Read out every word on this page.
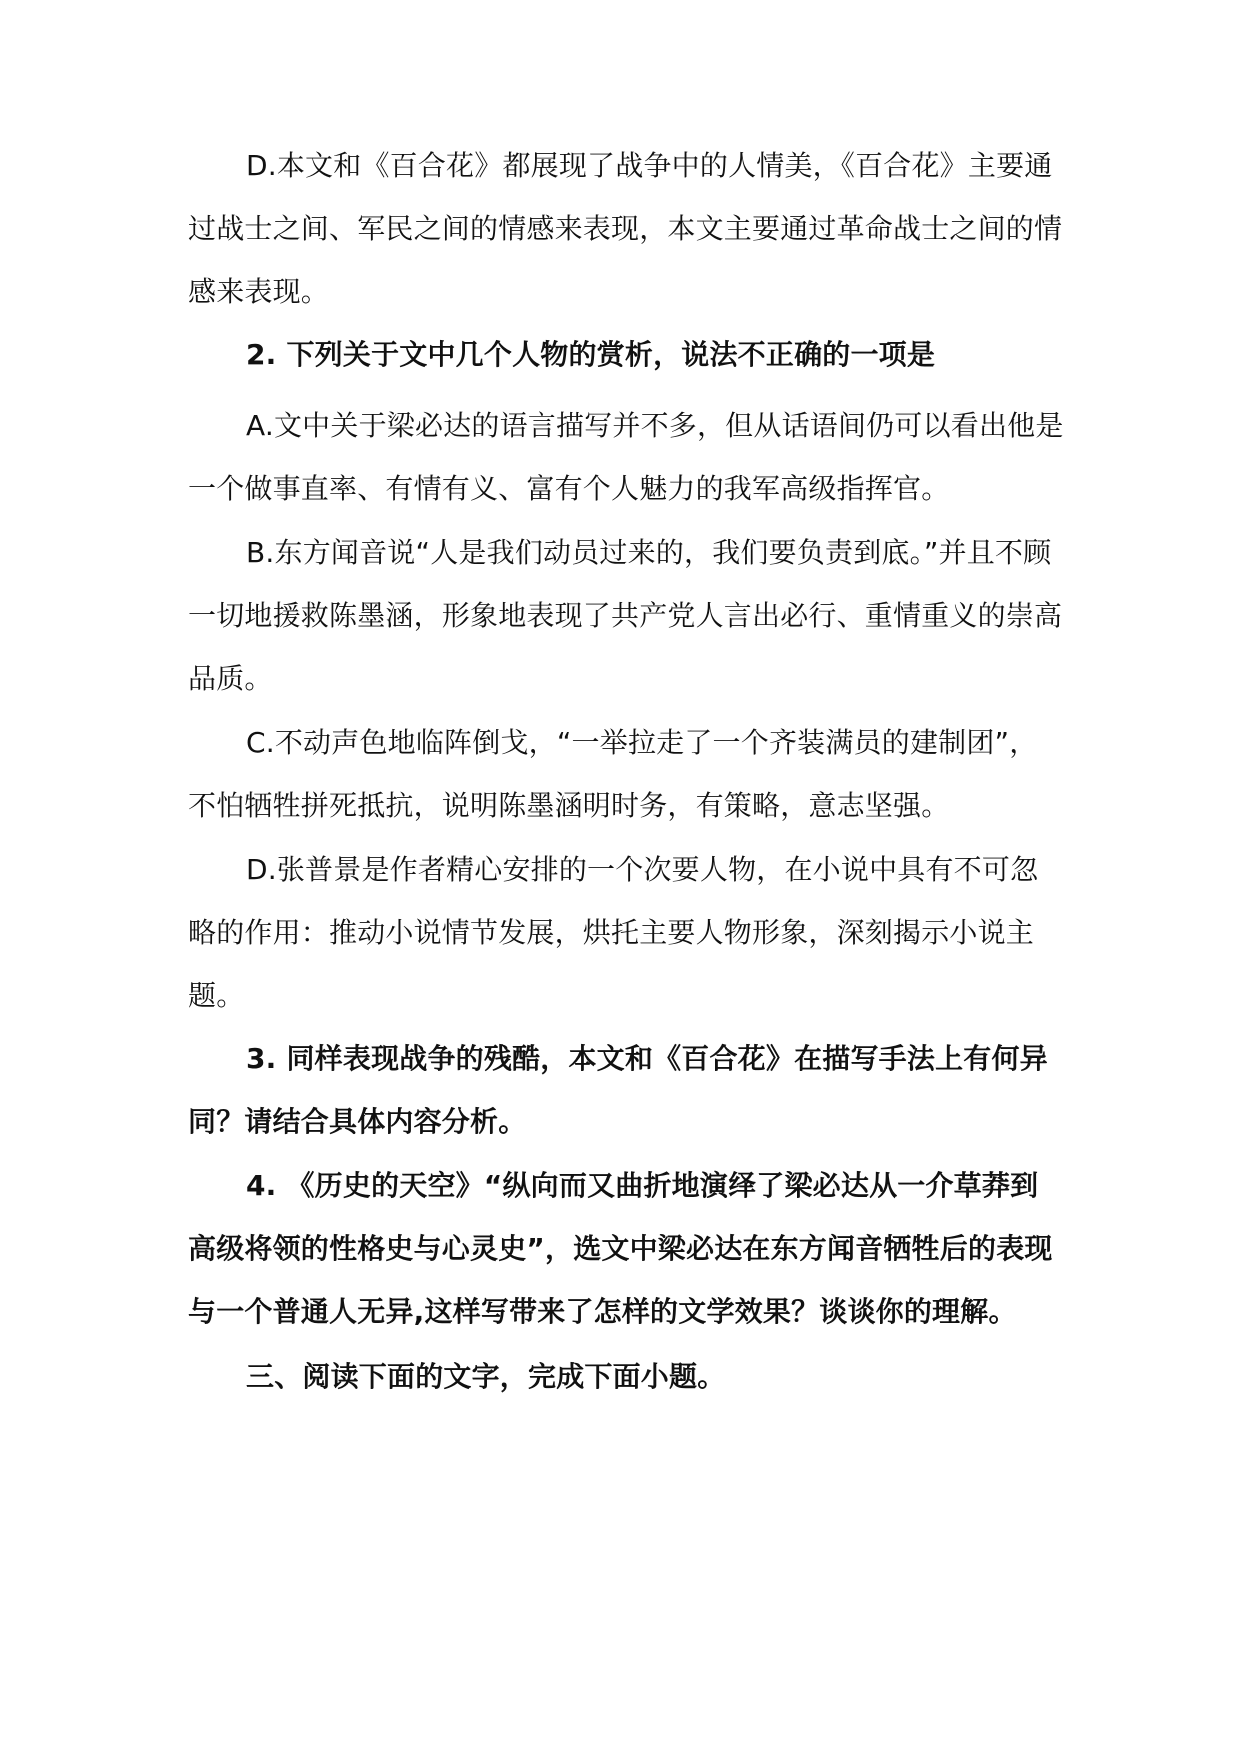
D.本文和《百合花》都展现了战争中的人情美，《百合花》主要通过战士之间、军民之间的情感来表现，本文主要通过革命战士之间的情感来表现。

2. 下列关于文中几个人物的赏析，说法不正确的一项是

A.文中关于梁必达的语言描写并不多，但从话语间仍可以看出他是一个做事直率、有情有义、富有个人魅力的我军高级指挥官。

B.东方闻音说“人是我们动员过来的，我们要负责到底。”并且不顾一切地援救陈墨涵，形象地表现了共产党人言出必行、重情重义的崇高品质。

C.不动声色地临阵倒戈，“一举拉走了一个齐装满员的建制团”，不怕牺牲拼死抵抗，说明陈墨涵明时务，有策略，意志坚强。

D.张普景是作者精心安排的一个次要人物，在小说中具有不可忽略的作用：推动小说情节发展，烘托主要人物形象，深刻揭示小说主题。

3. 同样表现战争的残酷，本文和《百合花》在描写手法上有何异同？请结合具体内容分析。

4. 《历史的天空》“纵向而又曲折地演绎了梁必达从一介草莽到高级将领的性格史与心灵史”，选文中梁必达在东方闻音牺牲后的表现与一个普通人无异,这样写带来了怎样的文学效果？谈谈你的理解。

三、阅读下面的文字，完成下面小题。
